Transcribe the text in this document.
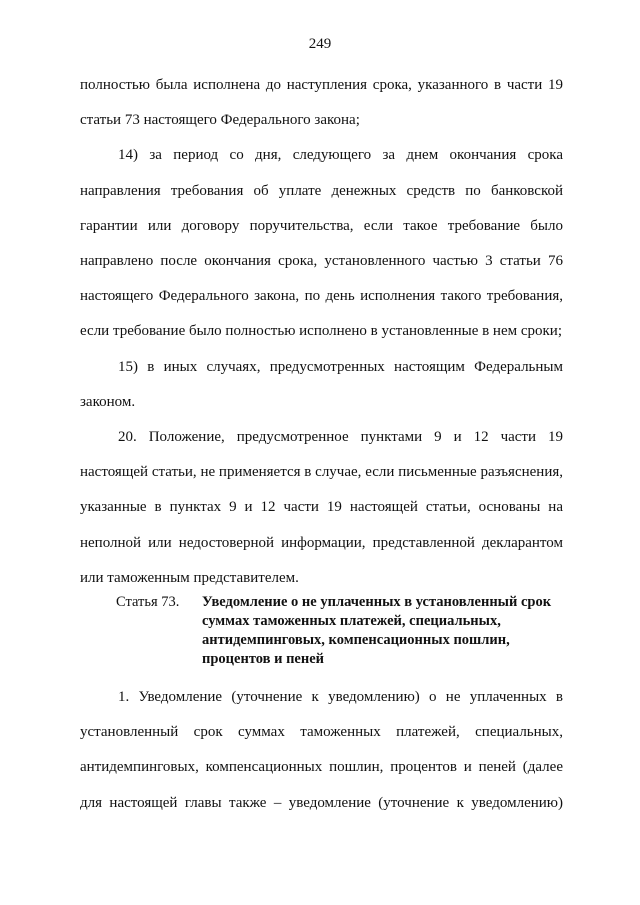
249
полностью была исполнена до наступления срока, указанного в части 19
статьи 73 настоящего Федерального закона;
14) за период со дня, следующего за днем окончания срока
направления требования об уплате денежных средств по банковской
гарантии или договору поручительства, если такое требование было
направлено после окончания срока, установленного частью 3 статьи 76
настоящего Федерального закона, по день исполнения такого требования,
если требование было полностью исполнено в установленные в нем сроки;
15) в иных случаях, предусмотренных настоящим Федеральным
законом.
20. Положение, предусмотренное пунктами 9 и 12 части 19
настоящей статьи, не применяется в случае, если письменные разъяснения,
указанные в пунктах 9 и 12 части 19 настоящей статьи, основаны на
неполной или недостоверной информации, представленной декларантом
или таможенным представителем.
Статья 73.	Уведомление о не уплаченных в установленный срок
суммах таможенных платежей, специальных,
антидемпинговых, компенсационных пошлин,
процентов и пеней
1. Уведомление (уточнение к уведомлению) о не уплаченных в
установленный срок суммах таможенных платежей, специальных,
антидемпинговых, компенсационных пошлин, процентов и пеней (далее
для настоящей главы также – уведомление (уточнение к уведомлению)
